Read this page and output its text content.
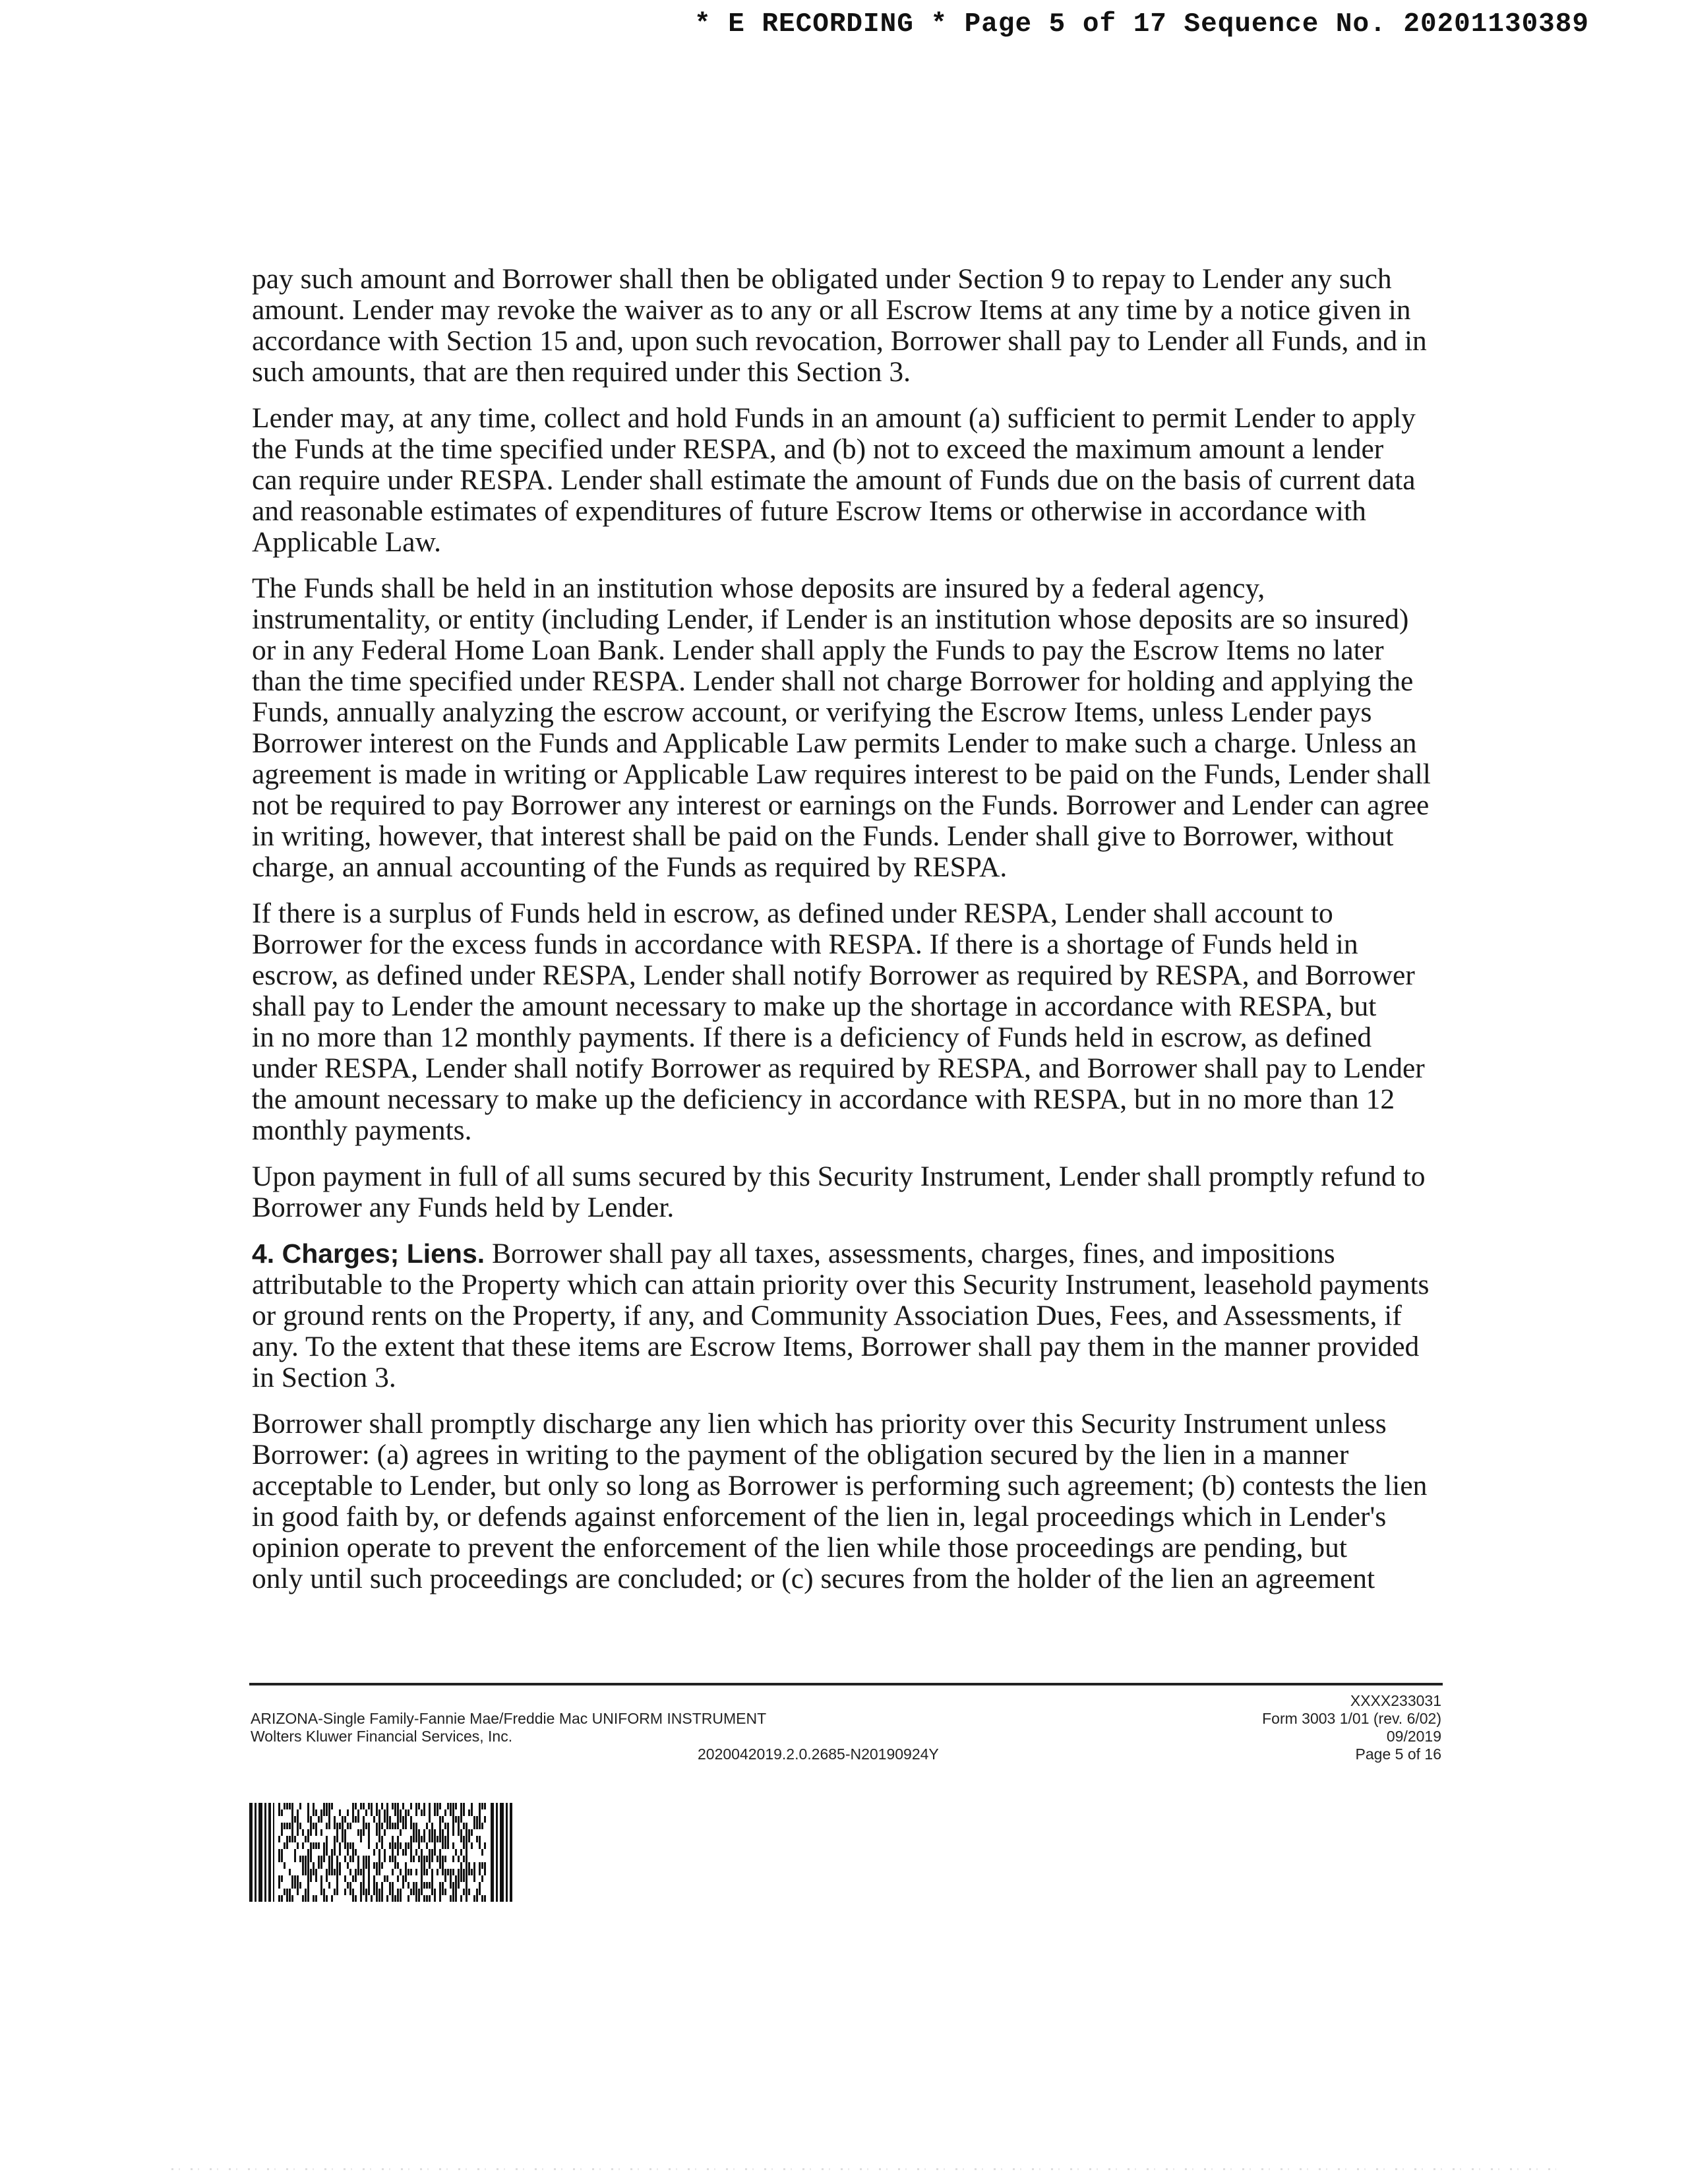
* E RECORDING * Page 5 of 17 Sequence No. 20201130389

pay such amount and Borrower shall then be obligated under Section 9 to repay to Lender any such
amount. Lender may revoke the waiver as to any or all Escrow Items at any time by a notice given in
accordance with Section 15 and, upon such revocation, Borrower shall pay to Lender all Funds, and in
such amounts, that are then required under this Section 3.

Lender may, at any time, collect and hold Funds in an amount (a) sufficient to permit Lender to apply
the Funds at the time specified under RESPA, and (b) not to exceed the maximum amount a lender
can require under RESPA. Lender shall estimate the amount of Funds due on the basis of current data
and reasonable estimates of expenditures of future Escrow Items or otherwise in accordance with
Applicable Law.

The Funds shall be held in an institution whose deposits are insured by a federal agency,
instrumentality, or entity (including Lender, if Lender is an institution whose deposits are so insured)
or in any Federal Home Loan Bank. Lender shall apply the Funds to pay the Escrow Items no later
than the time specified under RESPA. Lender shall not charge Borrower for holding and applying the
Funds, annually analyzing the escrow account, or verifying the Escrow Items, unless Lender pays
Borrower interest on the Funds and Applicable Law permits Lender to make such a charge. Unless an
agreement is made in writing or Applicable Law requires interest to be paid on the Funds, Lender shall
not be required to pay Borrower any interest or earnings on the Funds. Borrower and Lender can agree
in writing, however, that interest shall be paid on the Funds. Lender shall give to Borrower, without
charge, an annual accounting of the Funds as required by RESPA.

If there is a surplus of Funds held in escrow, as defined under RESPA, Lender shall account to
Borrower for the excess funds in accordance with RESPA. If there is a shortage of Funds held in
escrow, as defined under RESPA, Lender shall notify Borrower as required by RESPA, and Borrower
shall pay to Lender the amount necessary to make up the shortage in accordance with RESPA, but
in no more than 12 monthly payments. If there is a deficiency of Funds held in escrow, as defined
under RESPA, Lender shall notify Borrower as required by RESPA, and Borrower shall pay to Lender
the amount necessary to make up the deficiency in accordance with RESPA, but in no more than 12
monthly payments.

Upon payment in full of all sums secured by this Security Instrument, Lender shall promptly refund to
Borrower any Funds held by Lender.

4. Charges; Liens. Borrower shall pay all taxes, assessments, charges, fines, and impositions
attributable to the Property which can attain priority over this Security Instrument, leasehold payments
or ground rents on the Property, if any, and Community Association Dues, Fees, and Assessments, if
any. To the extent that these items are Escrow Items, Borrower shall pay them in the manner provided
in Section 3.

Borrower shall promptly discharge any lien which has priority over this Security Instrument unless
Borrower: (a) agrees in writing to the payment of the obligation secured by the lien in a manner
acceptable to Lender, but only so long as Borrower is performing such agreement; (b) contests the lien
in good faith by, or defends against enforcement of the lien in, legal proceedings which in Lender's
opinion operate to prevent the enforcement of the lien while those proceedings are pending, but
only until such proceedings are concluded; or (c) secures from the holder of the lien an agreement

ARIZONA-Single Family-Fannie Mae/Freddie Mac UNIFORM INSTRUMENT
Wolters Kluwer Financial Services, Inc.
2020042019.2.0.2685-N20190924Y
XXXX233031
Form 3003 1/01 (rev. 6/02)
09/2019
Page 5 of 16
